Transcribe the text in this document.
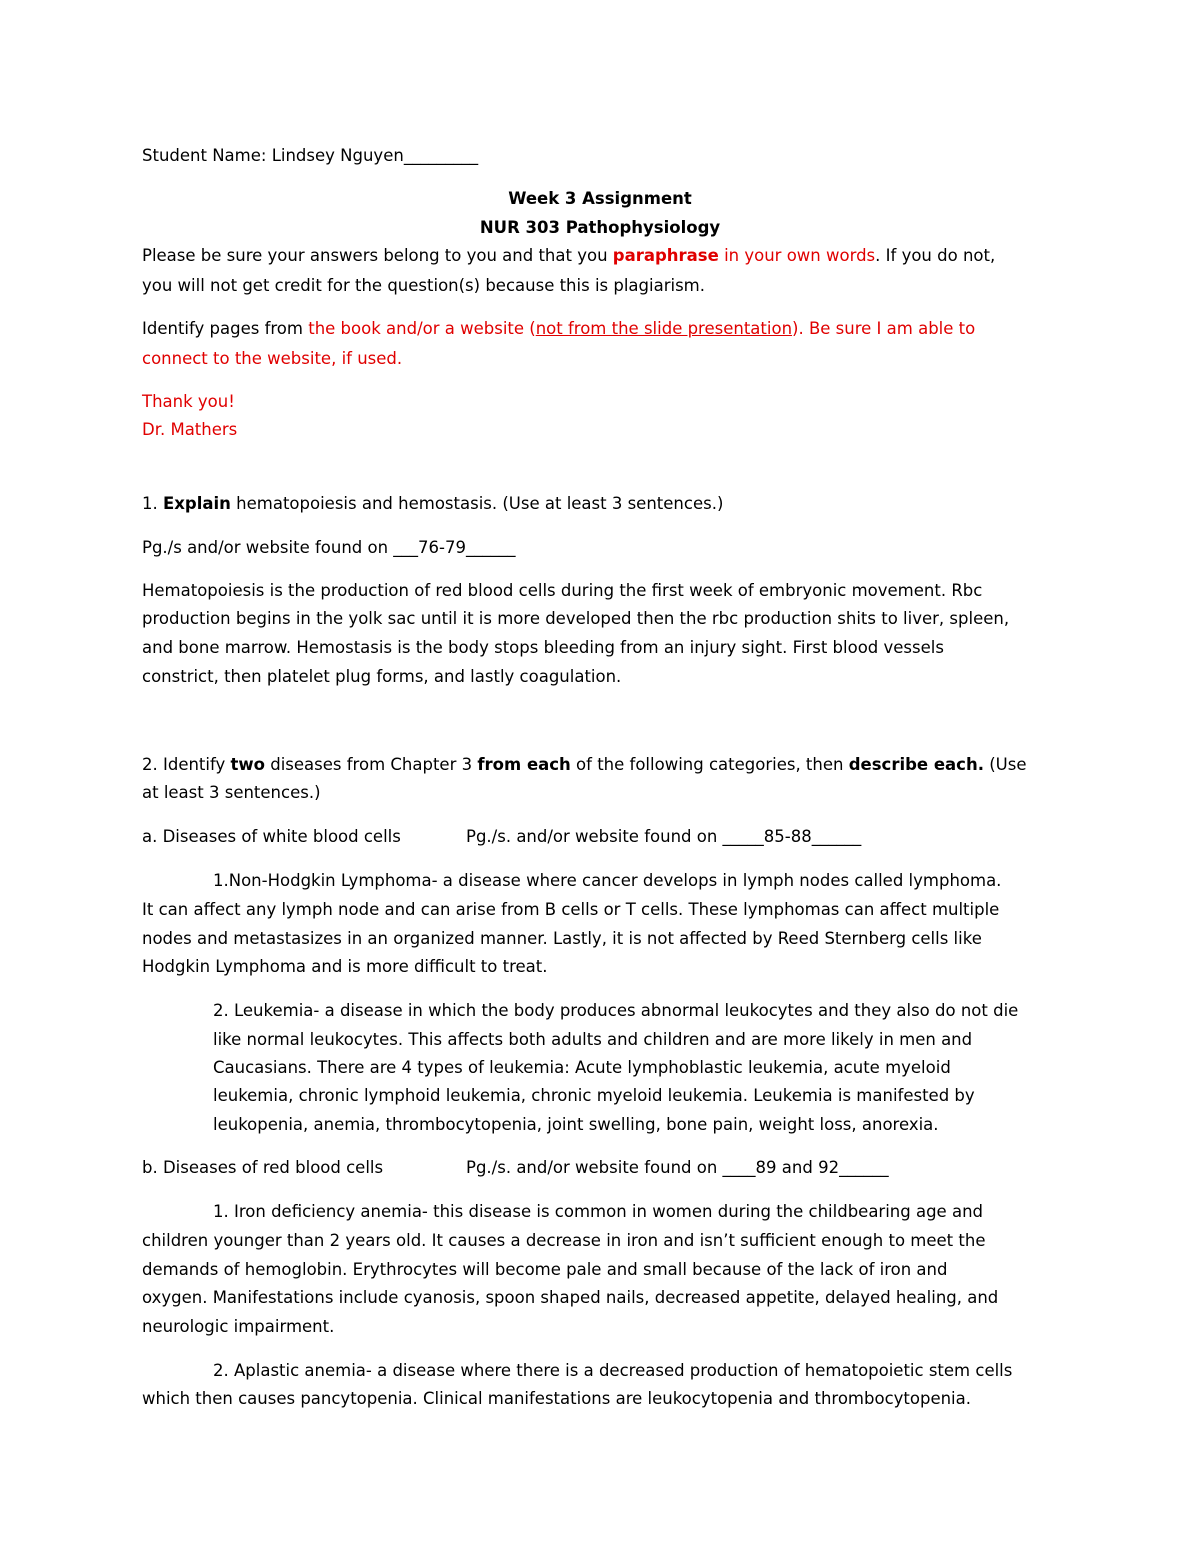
Student Name: Lindsey Nguyen_________
Week 3 Assignment
NUR 303 Pathophysiology
Please be sure your answers belong to you and that you paraphrase in your own words. If you do not,
you will not get credit for the question(s) because this is plagiarism.
Identify pages from the book and/or a website (not from the slide presentation). Be sure I am able to
connect to the website, if used.
Thank you!
Dr. Mathers
1. Explain hematopoiesis and hemostasis. (Use at least 3 sentences.)
Pg./s and/or website found on ___76-79______
Hematopoiesis is the production of red blood cells during the first week of embryonic movement. Rbc
production begins in the yolk sac until it is more developed then the rbc production shits to liver, spleen,
and bone marrow. Hemostasis is the body stops bleeding from an injury sight. First blood vessels
constrict, then platelet plug forms, and lastly coagulation.
2. Identify two diseases from Chapter 3 from each of the following categories, then describe each. (Use
at least 3 sentences.)
a. Diseases of white blood cells	Pg./s. and/or website found on _____85-88______
1.Non-Hodgkin Lymphoma- a disease where cancer develops in lymph nodes called lymphoma.
It can affect any lymph node and can arise from B cells or T cells. These lymphomas can affect multiple
nodes and metastasizes in an organized manner. Lastly, it is not affected by Reed Sternberg cells like
Hodgkin Lymphoma and is more difficult to treat.
2. Leukemia- a disease in which the body produces abnormal leukocytes and they also do not die
like normal leukocytes. This affects both adults and children and are more likely in men and
Caucasians. There are 4 types of leukemia: Acute lymphoblastic leukemia, acute myeloid
leukemia, chronic lymphoid leukemia, chronic myeloid leukemia. Leukemia is manifested by
leukopenia, anemia, thrombocytopenia, joint swelling, bone pain, weight loss, anorexia.
b. Diseases of red blood cells	Pg./s. and/or website found on ____89 and 92______
1. Iron deficiency anemia- this disease is common in women during the childbearing age and
children younger than 2 years old. It causes a decrease in iron and isn’t sufficient enough to meet the
demands of hemoglobin. Erythrocytes will become pale and small because of the lack of iron and
oxygen. Manifestations include cyanosis, spoon shaped nails, decreased appetite, delayed healing, and
neurologic impairment.
2. Aplastic anemia- a disease where there is a decreased production of hematopoietic stem cells
which then causes pancytopenia. Clinical manifestations are leukocytopenia and thrombocytopenia.
